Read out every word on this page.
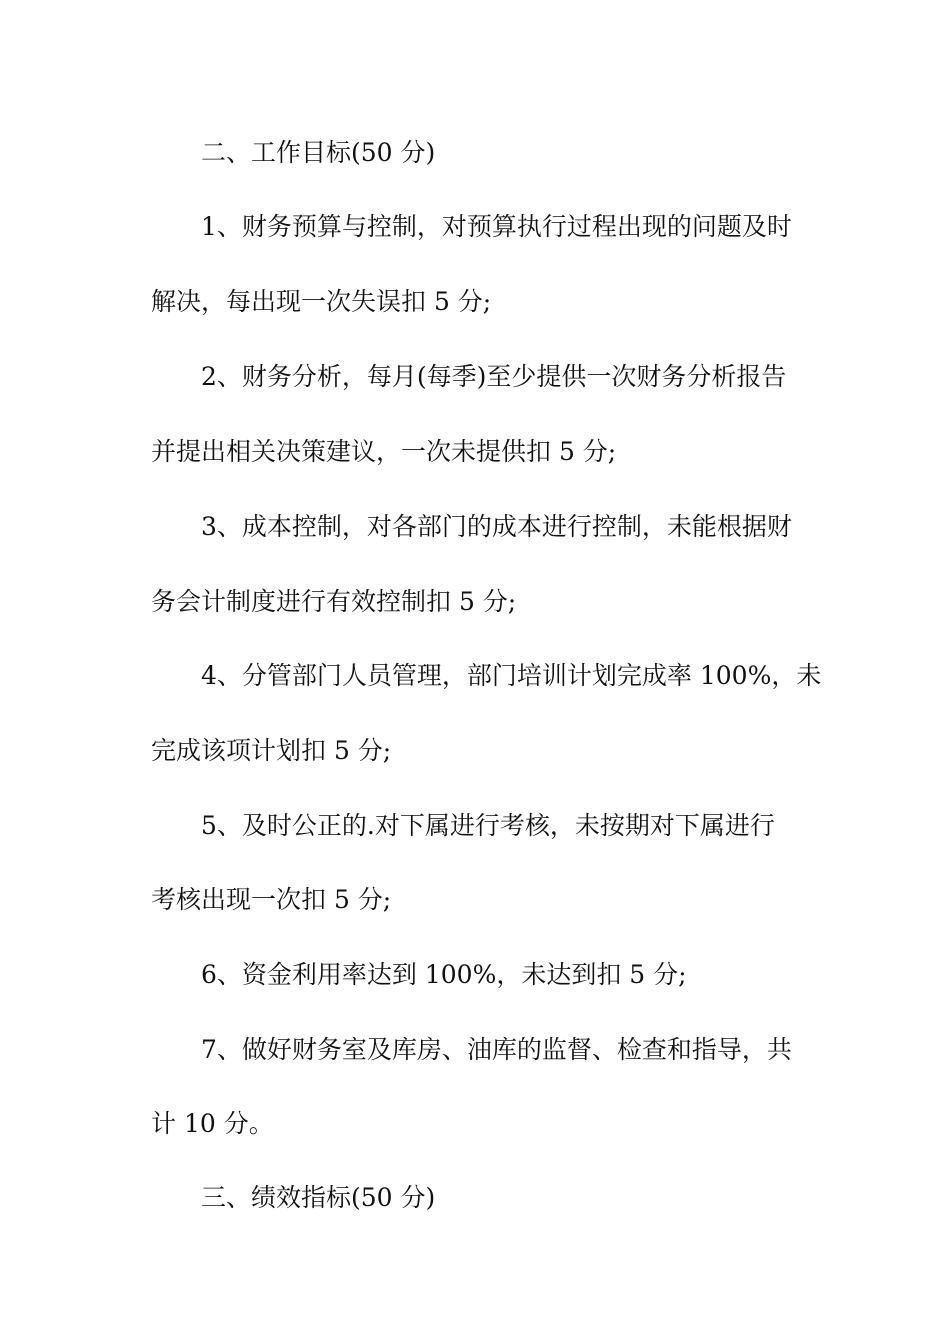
二、工作目标(50 分)
1、财务预算与控制，对预算执行过程出现的问题及时
解决，每出现一次失误扣 5 分;
2、财务分析，每月(每季)至少提供一次财务分析报告
并提出相关决策建议，一次未提供扣 5 分;
3、成本控制，对各部门的成本进行控制，未能根据财
务会计制度进行有效控制扣 5 分;
4、分管部门人员管理，部门培训计划完成率 100%，未
完成该项计划扣 5 分;
5、及时公正的.对下属进行考核，未按期对下属进行
考核出现一次扣 5 分;
6、资金利用率达到 100%，未达到扣 5 分;
7、做好财务室及库房、油库的监督、检查和指导，共
计 10 分。
三、绩效指标(50 分)
